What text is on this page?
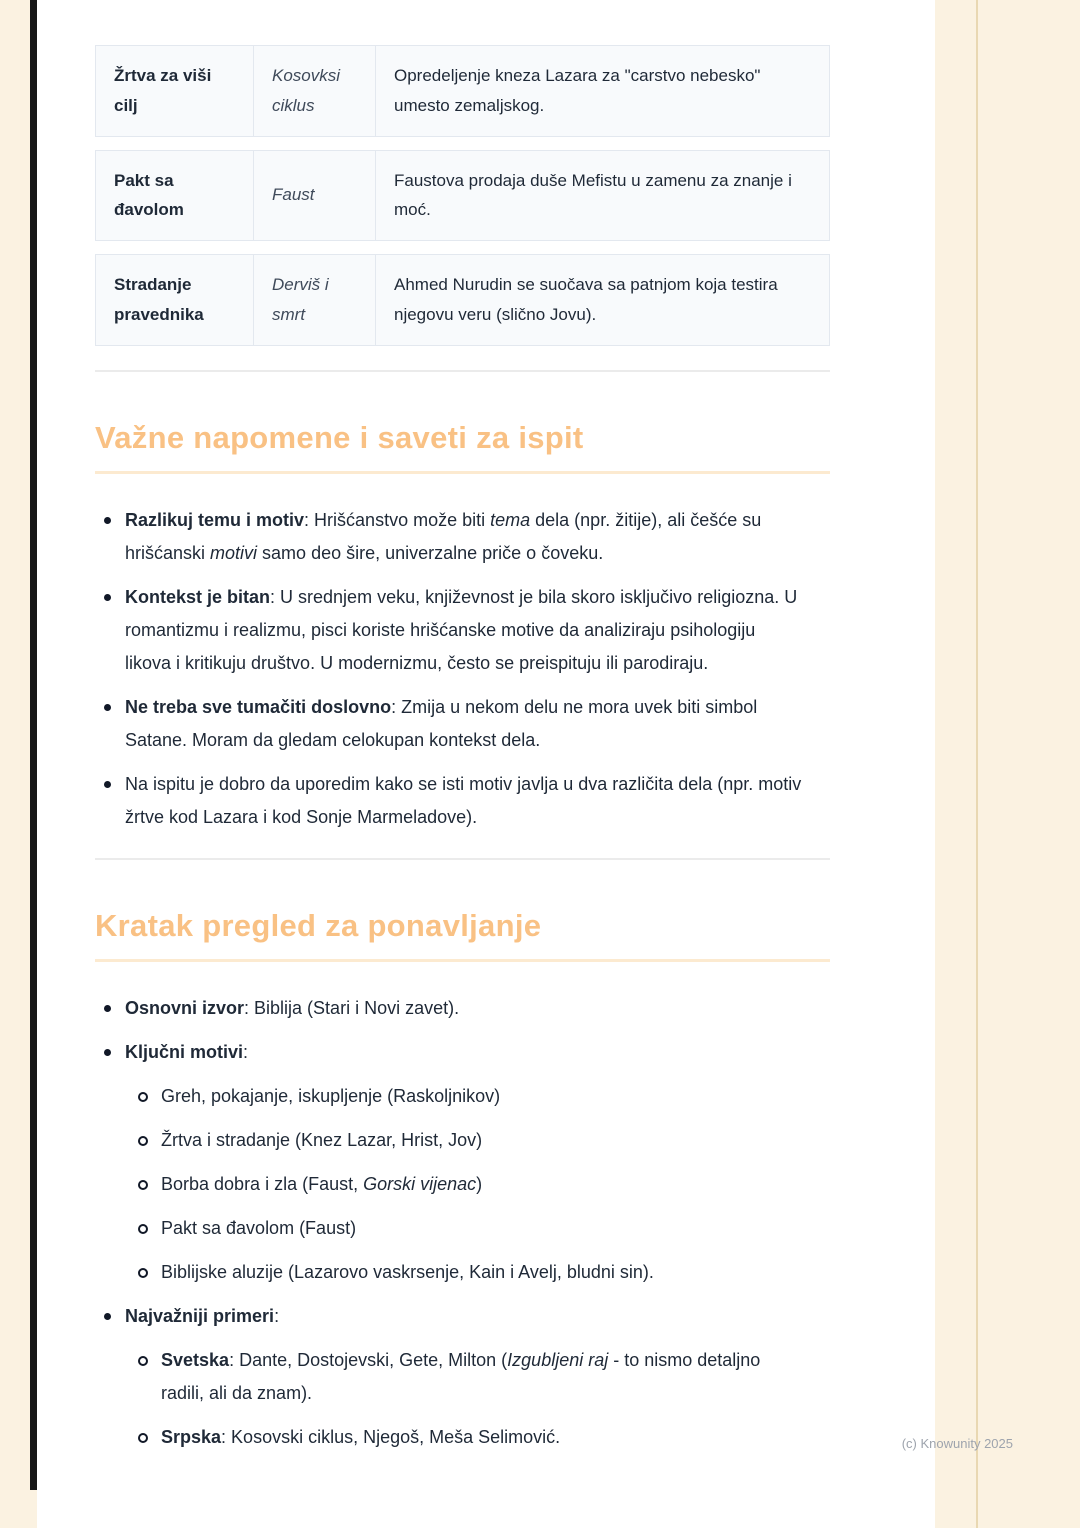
Žrtva za viši cilj
Kosovksi ciklus
Opredeljenje kneza Lazara za "carstvo nebesko" umesto zemaljskog.
Pakt sa đavolom
Faust
Faustova prodaja duše Mefistu u zamenu za znanje i moć.
Stradanje pravednika
Derviš i smrt
Ahmed Nurudin se suočava sa patnjom koja testira njegovu veru (slično Jovu).
Važne napomene i saveti za ispit
Razlikuj temu i motiv: Hrišćanstvo može biti tema dela (npr. žitije), ali češće su hrišćanski motivi samo deo šire, univerzalne priče o čoveku.
Kontekst je bitan: U srednjem veku, književnost je bila skoro isključivo religiozna. U romantizmu i realizmu, pisci koriste hrišćanske motive da analiziraju psihologiju likova i kritikuju društvo. U modernizmu, često se preispituju ili parodiraju.
Ne treba sve tumačiti doslovno: Zmija u nekom delu ne mora uvek biti simbol Satane. Moram da gledam celokupan kontekst dela.
Na ispitu je dobro da uporedim kako se isti motiv javlja u dva različita dela (npr. motiv žrtve kod Lazara i kod Sonje Marmeladove).
Kratak pregled za ponavljanje
Osnovni izvor: Biblija (Stari i Novi zavet).
Ključni motivi:
Greh, pokajanje, iskupljenje (Raskoljnikov)
Žrtva i stradanje (Knez Lazar, Hrist, Jov)
Borba dobra i zla (Faust, Gorski vijenac)
Pakt sa đavolom (Faust)
Biblijske aluzije (Lazarovo vaskrsenje, Kain i Avelj, bludni sin).
Najvažniji primeri:
Svetska: Dante, Dostojevski, Gete, Milton (Izgubljeni raj - to nismo detaljno radili, ali da znam).
Srpska: Kosovski ciklus, Njegoš, Meša Selimović.	(c) Knowunity 2025
